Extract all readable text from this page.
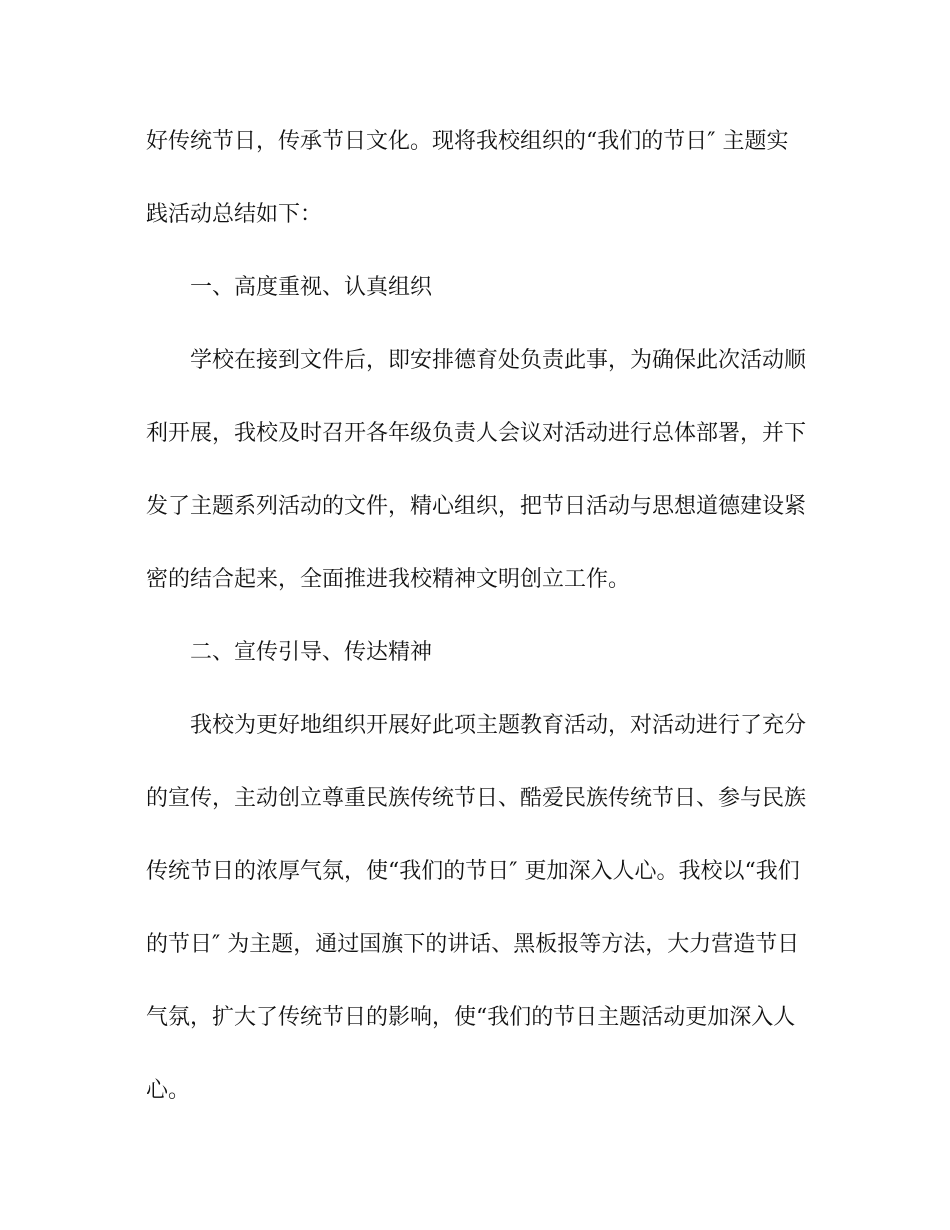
好传统节日，传承节日文化。现将我校组织的“我们的节日″ 主题实
践活动总结如下：
一、高度重视、认真组织
学校在接到文件后，即安排德育处负责此事，为确保此次活动顺
利开展，我校及时召开各年级负责人会议对活动进行总体部署，并下
发了主题系列活动的文件，精心组织，把节日活动与思想道德建设紧
密的结合起来，全面推进我校精神文明创立工作。
二、宣传引导、传达精神
我校为更好地组织开展好此项主题教育活动，对活动进行了充分
的宣传，主动创立尊重民族传统节日、酷爱民族传统节日、参与民族
传统节日的浓厚气氛，使“我们的节日″ 更加深入人心。我校以“我们
的节日″ 为主题，通过国旗下的讲话、黑板报等方法，大力营造节日
气氛，扩大了传统节日的影响，使“我们的节日主题活动更加深入人
心。
